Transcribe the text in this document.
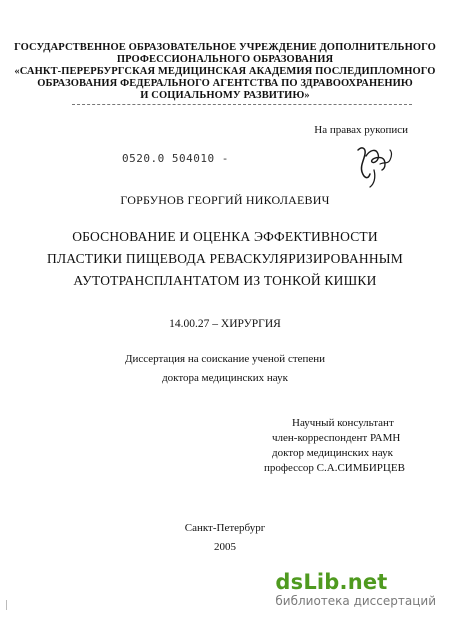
ГОСУДАРСТВЕННОЕ ОБРАЗОВАТЕЛЬНОЕ УЧРЕЖДЕНИЕ ДОПОЛНИТЕЛЬНОГО
ПРОФЕССИОНАЛЬНОГО ОБРАЗОВАНИЯ
«САНКТ-ПЕРЕРБУРГСКАЯ МЕДИЦИНСКАЯ АКАДЕМИЯ ПОСЛЕДИПЛОМНОГО
ОБРАЗОВАНИЯ ФЕДЕРАЛЬНОГО АГЕНТСТВА ПО ЗДРАВООХРАНЕНИЮ
И СОЦИАЛЬНОМУ РАЗВИТИЮ»
На правах рукописи
0520.0 504010 -
ГОРБУНОВ ГЕОРГИЙ НИКОЛАЕВИЧ
ОБОСНОВАНИЕ И ОЦЕНКА ЭФФЕКТИВНОСТИ
ПЛАСТИКИ ПИЩЕВОДА РЕВАСКУЛЯРИЗИРОВАННЫМ
АУТОТРАНСПЛАНТАТОМ ИЗ ТОНКОЙ КИШКИ
14.00.27 – ХИРУРГИЯ
Диссертация на соискание ученой степени
доктора медицинских наук
Научный консультант
член-корреспондент РАМН
доктор медицинских наук
профессор С.А.СИМБИРЦЕВ
Санкт-Петербург
2005
dsLib.net
библиотека диссертаций
